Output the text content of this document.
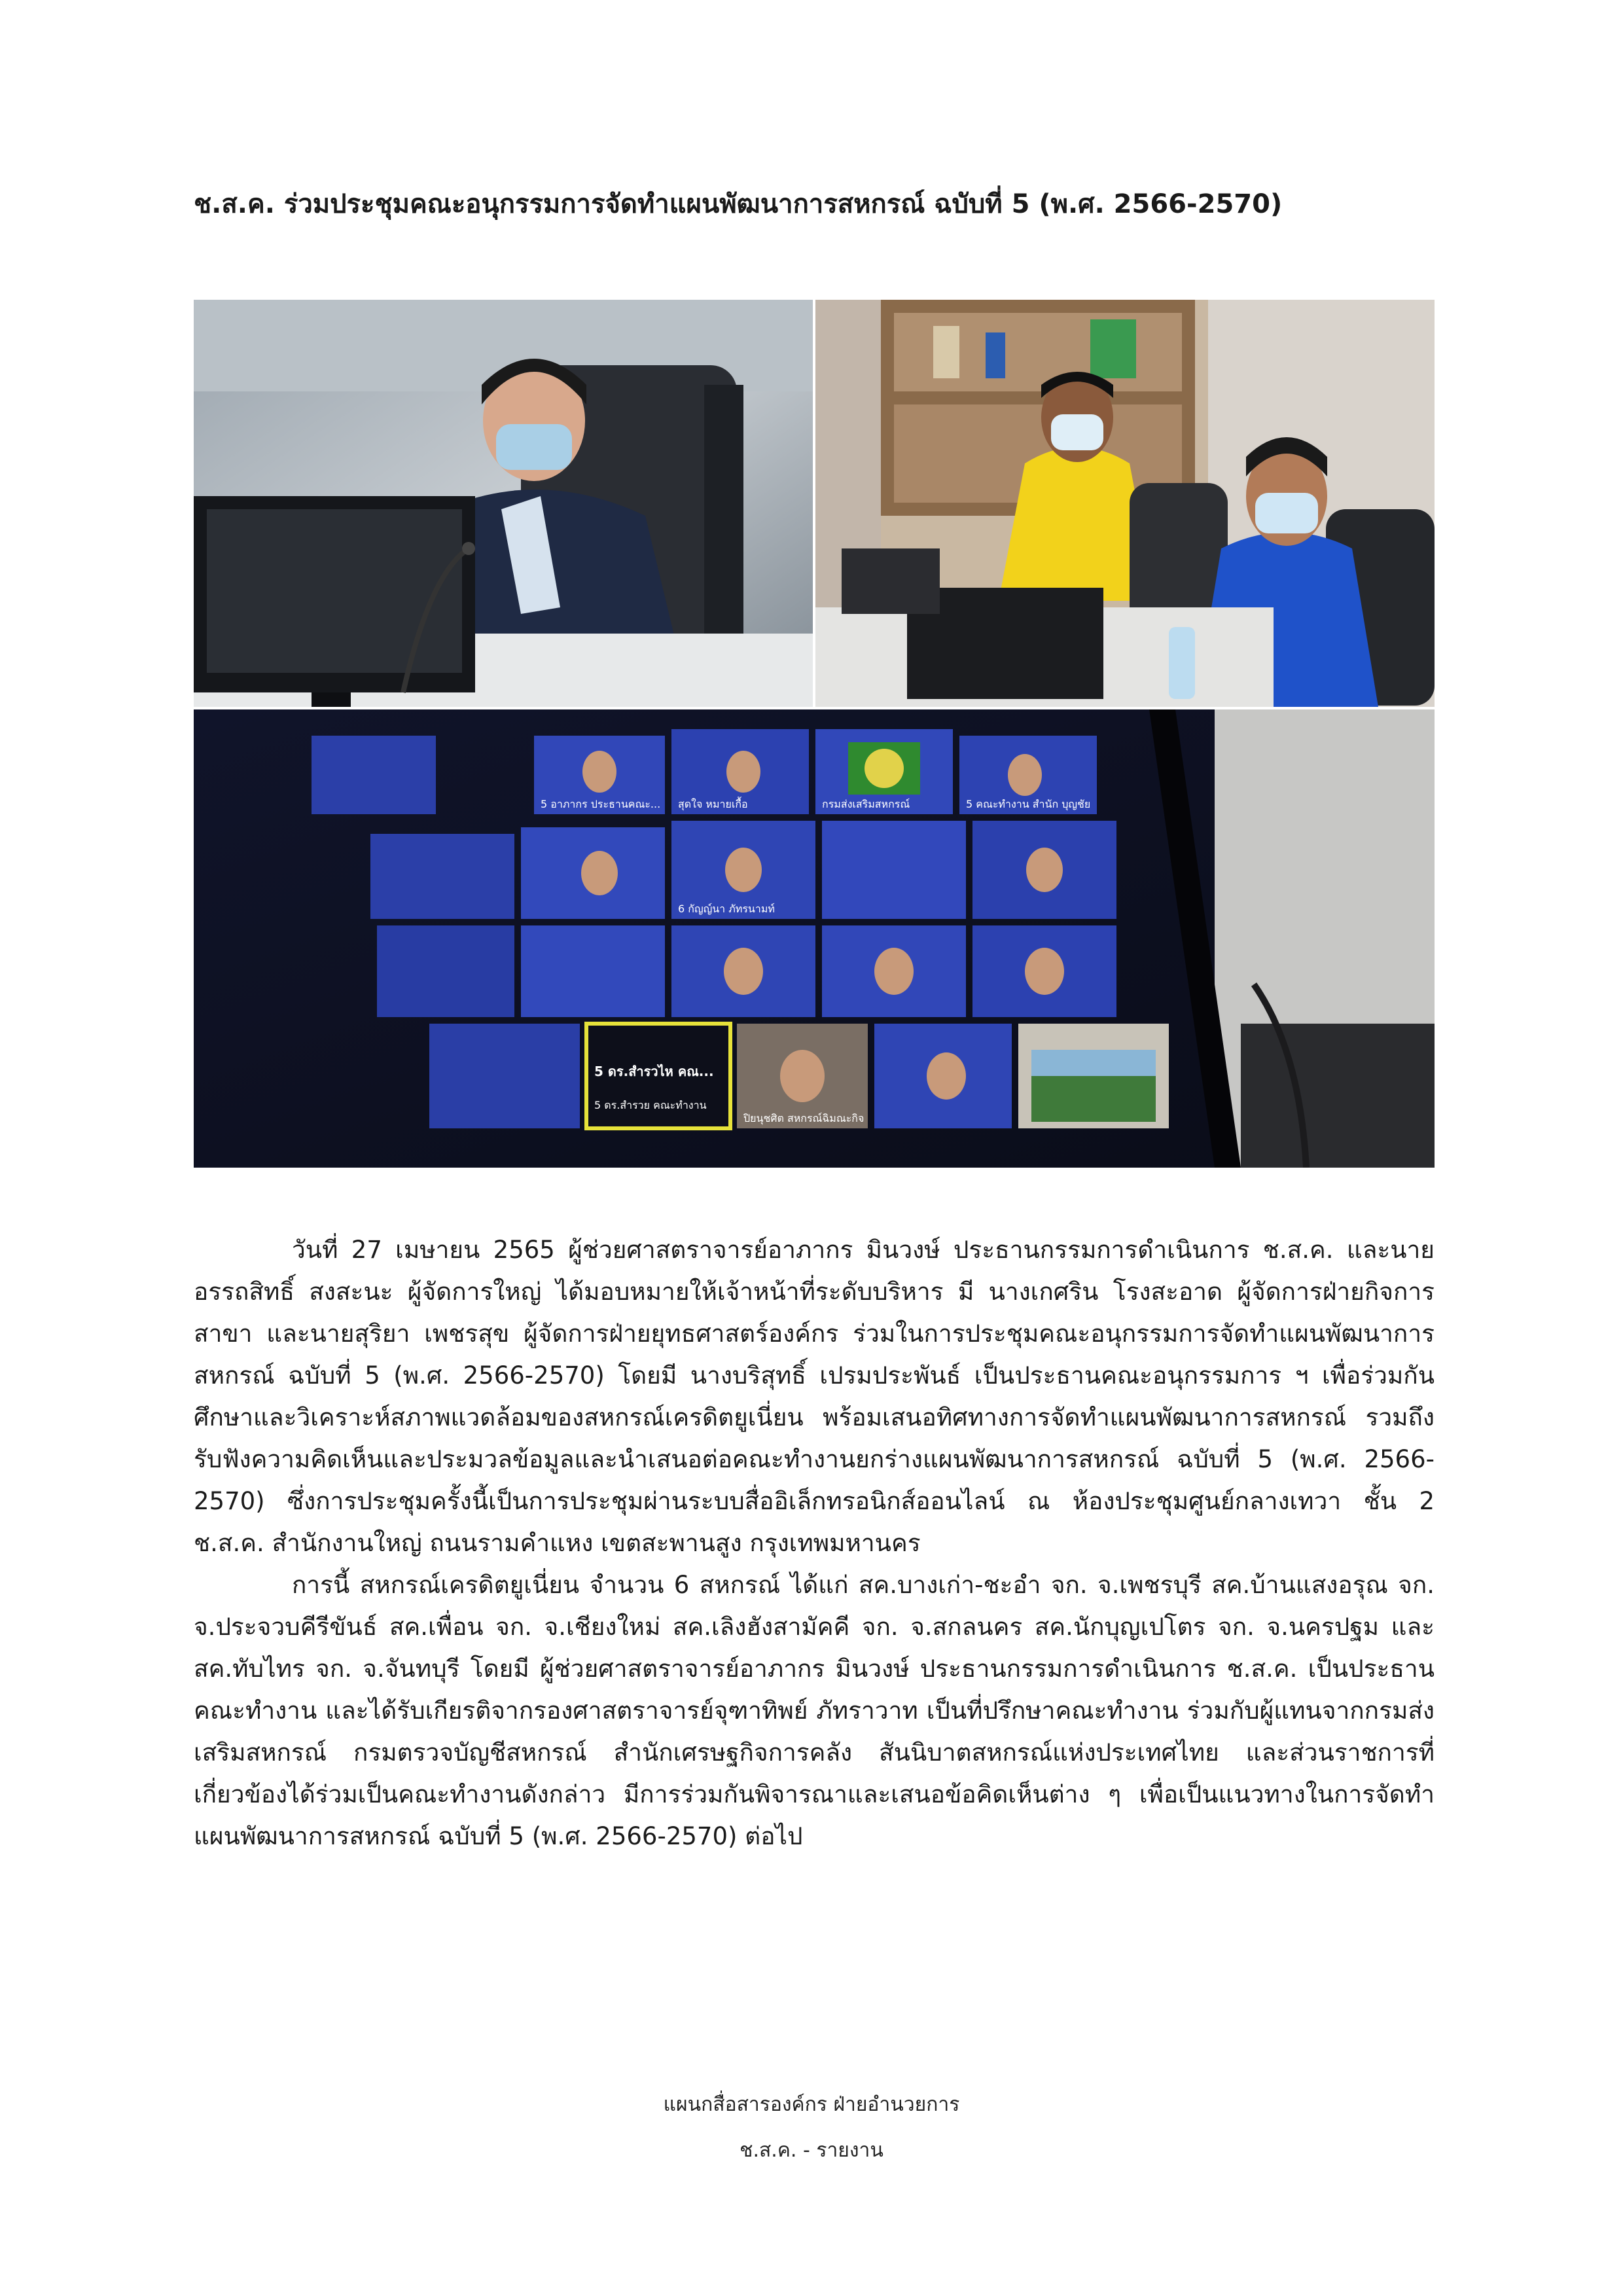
ช.ส.ค. ร่วมประชุมคณะอนุกรรมการจัดทำแผนพัฒนาการสหกรณ์ ฉบับที่ 5 (พ.ศ. 2566-2570)
5 อาภากร ประธานคณะ... สุดใจ หมายเกื้อ	กรมส่งเสริมสหกรณ์	5 คณะทำงาน สำนัก บุญชัย
6 กัญญ์นา ภัทรนามท์
5 ดร.สำรวไห คณ...
5 ดร.สำรวย คณะทำงาน
ปิยนุชศิต สหกรณ์ฉิมณะกิจ

วันที่ 27 เมษายน 2565 ผู้ช่วยศาสตราจารย์อาภากร มินวงษ์ ประธานกรรมการดำเนินการ ช.ส.ค. และนายอรรถสิทธิ์ สงสะนะ ผู้จัดการใหญ่ ได้มอบหมายให้เจ้าหน้าที่ระดับบริหาร มี นางเกศริน โรงสะอาด ผู้จัดการฝ่ายกิจการสาขา และนายสุริยา เพชรสุข ผู้จัดการฝ่ายยุทธศาสตร์องค์กร ร่วมในการประชุมคณะอนุกรรมการจัดทำแผนพัฒนาการสหกรณ์ ฉบับที่ 5 (พ.ศ. 2566-2570) โดยมี นางบริสุทธิ์ เปรมประพันธ์ เป็นประธานคณะอนุกรรมการ ฯ เพื่อร่วมกันศึกษาและวิเคราะห์สภาพแวดล้อมของสหกรณ์เครดิตยูเนี่ยน พร้อมเสนอทิศทางการจัดทำแผนพัฒนาการสหกรณ์ รวมถึงรับฟังความคิดเห็นและประมวลข้อมูลและนำเสนอต่อคณะทำงานยกร่างแผนพัฒนาการสหกรณ์ ฉบับที่ 5 (พ.ศ. 2566-2570) ซึ่งการประชุมครั้งนี้เป็นการประชุมผ่านระบบสื่ออิเล็กทรอนิกส์ออนไลน์ ณ ห้องประชุมศูนย์กลางเทวา ชั้น 2 ช.ส.ค. สำนักงานใหญ่ ถนนรามคำแหง เขตสะพานสูง กรุงเทพมหานคร

การนี้ สหกรณ์เครดิตยูเนี่ยน จำนวน 6 สหกรณ์ ได้แก่ สค.บางเก่า-ชะอำ จก. จ.เพชรบุรี สค.บ้านแสงอรุณ จก. จ.ประจวบคีรีขันธ์ สค.เพื่อน จก. จ.เชียงใหม่ สค.เลิงฮังสามัคคี จก. จ.สกลนคร สค.นักบุญเปโตร จก. จ.นครปฐม และ สค.ทับไทร จก. จ.จันทบุรี โดยมี ผู้ช่วยศาสตราจารย์อาภากร มินวงษ์ ประธานกรรมการดำเนินการ ช.ส.ค. เป็นประธานคณะทำงาน และได้รับเกียรติจากรองศาสตราจารย์จุฑาทิพย์ ภัทราวาท เป็นที่ปรึกษาคณะทำงาน ร่วมกับผู้แทนจากกรมส่งเสริมสหกรณ์ กรมตรวจบัญชีสหกรณ์ สำนักเศรษฐกิจการคลัง สันนิบาตสหกรณ์แห่งประเทศไทย และส่วนราชการที่เกี่ยวข้องได้ร่วมเป็นคณะทำงานดังกล่าว มีการร่วมกันพิจารณาและเสนอข้อคิดเห็นต่าง ๆ เพื่อเป็นแนวทางในการจัดทำแผนพัฒนาการสหกรณ์ ฉบับที่ 5 (พ.ศ. 2566-2570) ต่อไป

แผนกสื่อสารองค์กร ฝ่ายอำนวยการ
ช.ส.ค. - รายงาน
